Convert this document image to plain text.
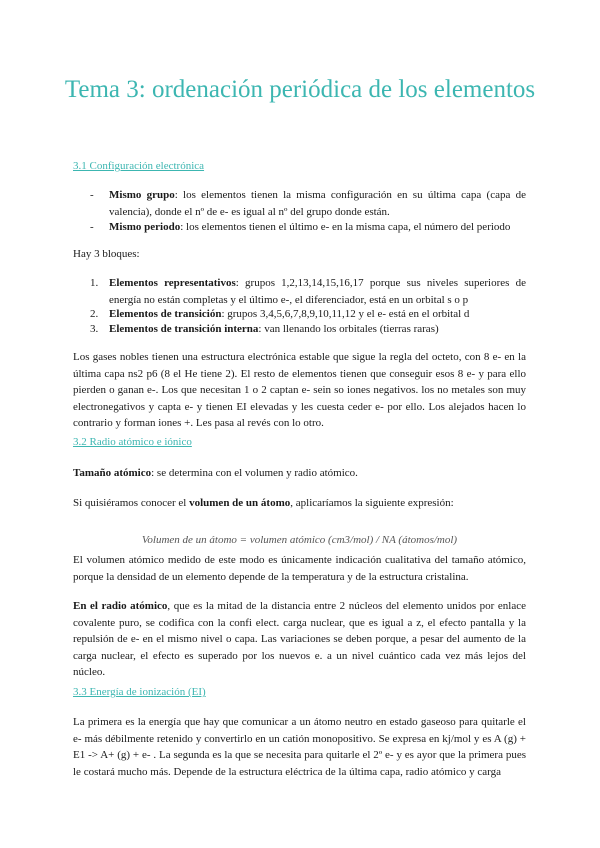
Tema 3: ordenación periódica de los elementos

3.1 Configuración electrónica

- Mismo grupo: los elementos tienen la misma configuración en su última capa (capa de valencia), donde el nº de e- es igual al nº del grupo donde están.
- Mismo periodo: los elementos tienen el último e- en la misma capa, el número del periodo

Hay 3 bloques:

1. Elementos representativos: grupos 1,2,13,14,15,16,17 porque sus niveles superiores de energía no están completas y el último e-, el diferenciador, está en un orbital s o p
2. Elementos de transición: grupos 3,4,5,6,7,8,9,10,11,12 y el e- está en el orbital d
3. Elementos de transición interna: van llenando los orbitales (tierras raras)

Los gases nobles tienen una estructura electrónica estable que sigue la regla del octeto, con 8 e- en la última capa ns2 p6 (8 el He tiene 2). El resto de elementos tienen que conseguir esos 8 e- y para ello pierden o ganan e-. Los que necesitan 1 o 2 captan e- sein so iones negativos. los no metales son muy electronegativos y capta e- y tienen EI elevadas y les cuesta ceder e- por ello. Los alejados hacen lo contrario y forman iones +. Les pasa al revés con lo otro.

3.2 Radio atómico e iónico

Tamaño atómico: se determina con el volumen y radio atómico.

Si quisiéramos conocer el volumen de un átomo, aplicaríamos la siguiente expresión:

Volumen de un átomo = volumen atómico (cm3/mol) / NA (átomos/mol)

El volumen atómico medido de este modo es únicamente indicación cualitativa del tamaño atómico, porque la densidad de un elemento depende de la temperatura y de la estructura cristalina.

En el radio atómico, que es la mitad de la distancia entre 2 núcleos del elemento unidos por enlace covalente puro, se codifica con la confi elect. carga nuclear, que es igual a z, el efecto pantalla y la repulsión de e- en el mismo nivel o capa. Las variaciones se deben porque, a pesar del aumento de la carga nuclear, el efecto es superado por los nuevos e. a un nivel cuántico cada vez más lejos del núcleo.

3.3 Energía de ionización (EI)

La primera es la energía que hay que comunicar a un átomo neutro en estado gaseoso para quitarle el e- más débilmente retenido y convertirlo en un catión monopositivo. Se expresa en kj/mol y es A (g) + E1 -> A+ (g) + e- . La segunda es la que se necesita para quitarle el 2º e- y es ayor que la primera pues le costará mucho más. Depende de la estructura eléctrica de la última capa, radio atómico y carga
